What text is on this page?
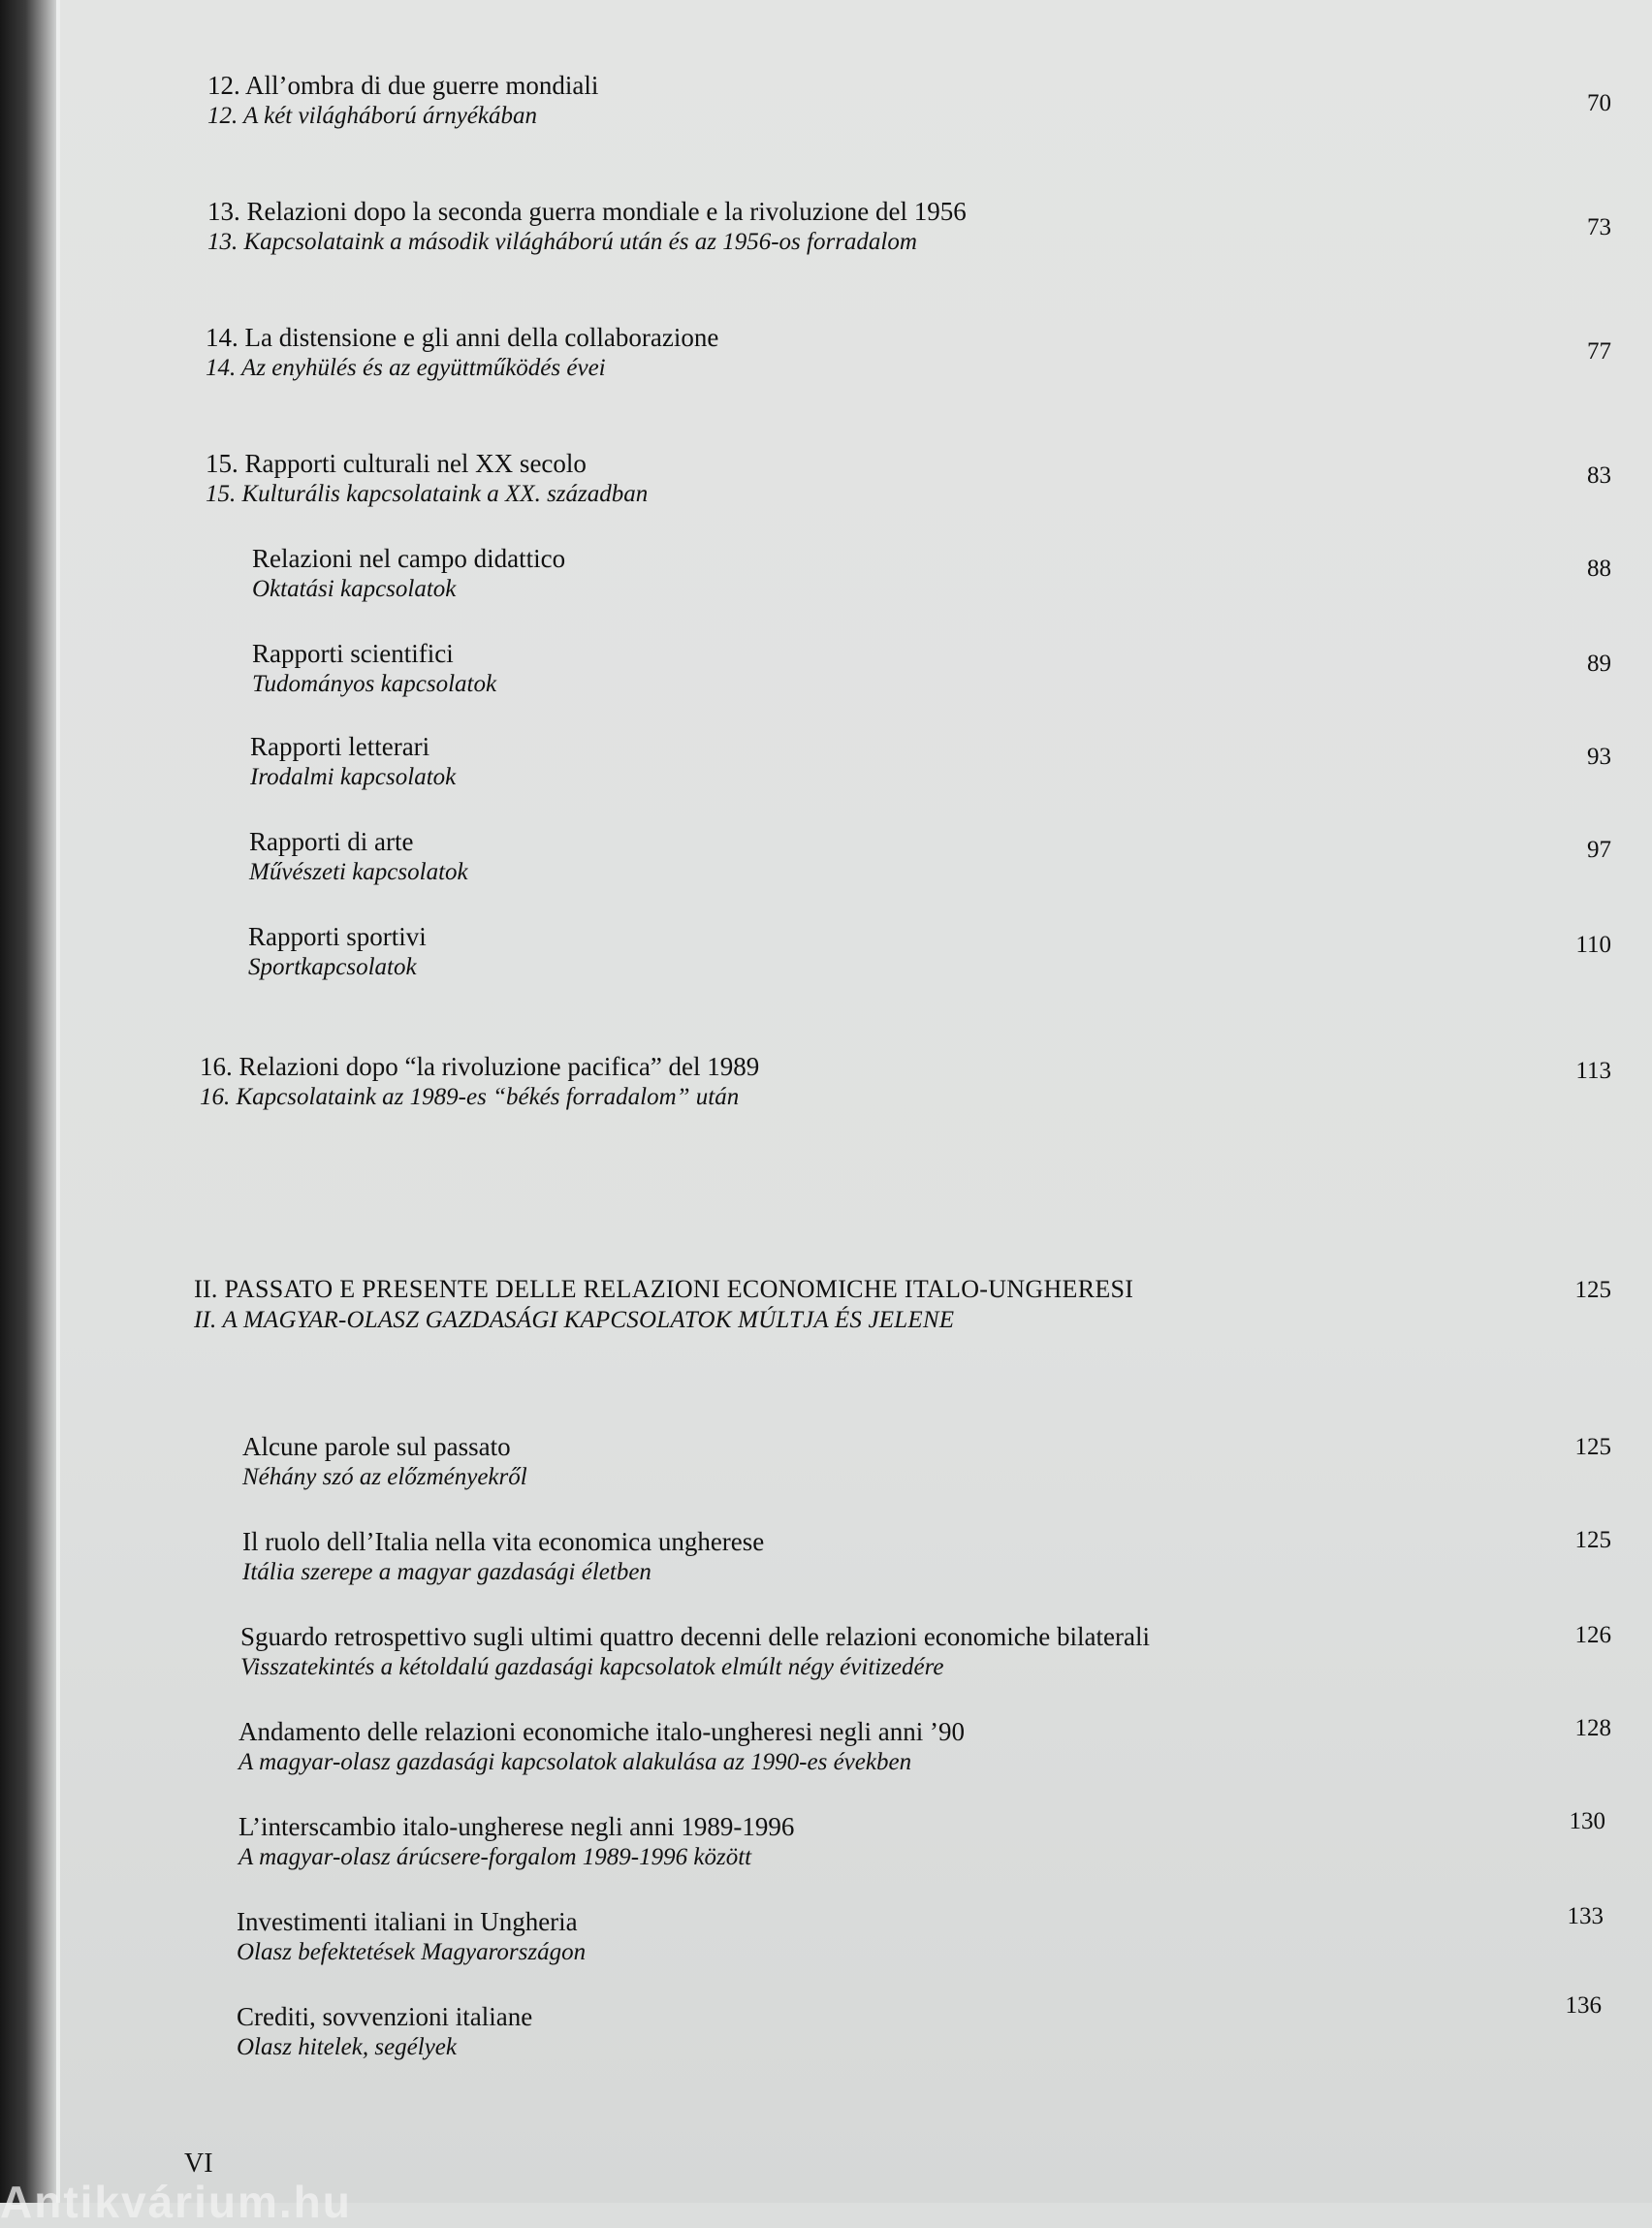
12. All’ombra di due guerre mondiali
12. A két világháború árnyékában	70
13. Relazioni dopo la seconda guerra mondiale e la rivoluzione del 1956
13. Kapcsolataink a második világháború után és az 1956-os forradalom
73
14. La distensione e gli anni della collaborazione
14. Az enyhülés és az együttműködés évei
77
15. Rapporti culturali nel XX secolo
15. Kulturális kapcsolataink a XX. században
83
Relazioni nel campo didattico
Oktatási kapcsolatok
88
Rapporti scientifici
Tudományos kapcsolatok
89
Rapporti letterari
Irodalmi kapcsolatok
93
Rapporti di arte
Művészeti kapcsolatok
97
Rapporti sportivi
Sportkapcsolatok
110
16. Relazioni dopo “la rivoluzione pacifica” del 1989
16. Kapcsolataink az 1989-es “békés forradalom” után
113
II. PASSATO E PRESENTE DELLE RELAZIONI ECONOMICHE ITALO-UNGHERESI
II. A MAGYAR-OLASZ GAZDASÁGI KAPCSOLATOK MÚLTJA ÉS JELENE
125
Alcune parole sul passato
Néhány szó az előzményekről
125
Il ruolo dell’Italia nella vita economica ungherese
Itália szerepe a magyar gazdasági életben
125
Sguardo retrospettivo sugli ultimi quattro decenni delle relazioni economiche bilaterali
Visszatekintés a kétoldalú gazdasági kapcsolatok elmúlt négy évitizedére
126
Andamento delle relazioni economiche italo-ungheresi negli anni ’90
A magyar-olasz gazdasági kapcsolatok alakulása az 1990-es években
128
L’interscambio italo-ungherese negli anni 1989-1996
A magyar-olasz árúcsere-forgalom 1989-1996 között
130
Investimenti italiani in Ungheria
Olasz befektetések Magyarországon
133
Crediti, sovvenzioni italiane
Olasz hitelek, segélyek
136
VI
Antikvárium.hu
